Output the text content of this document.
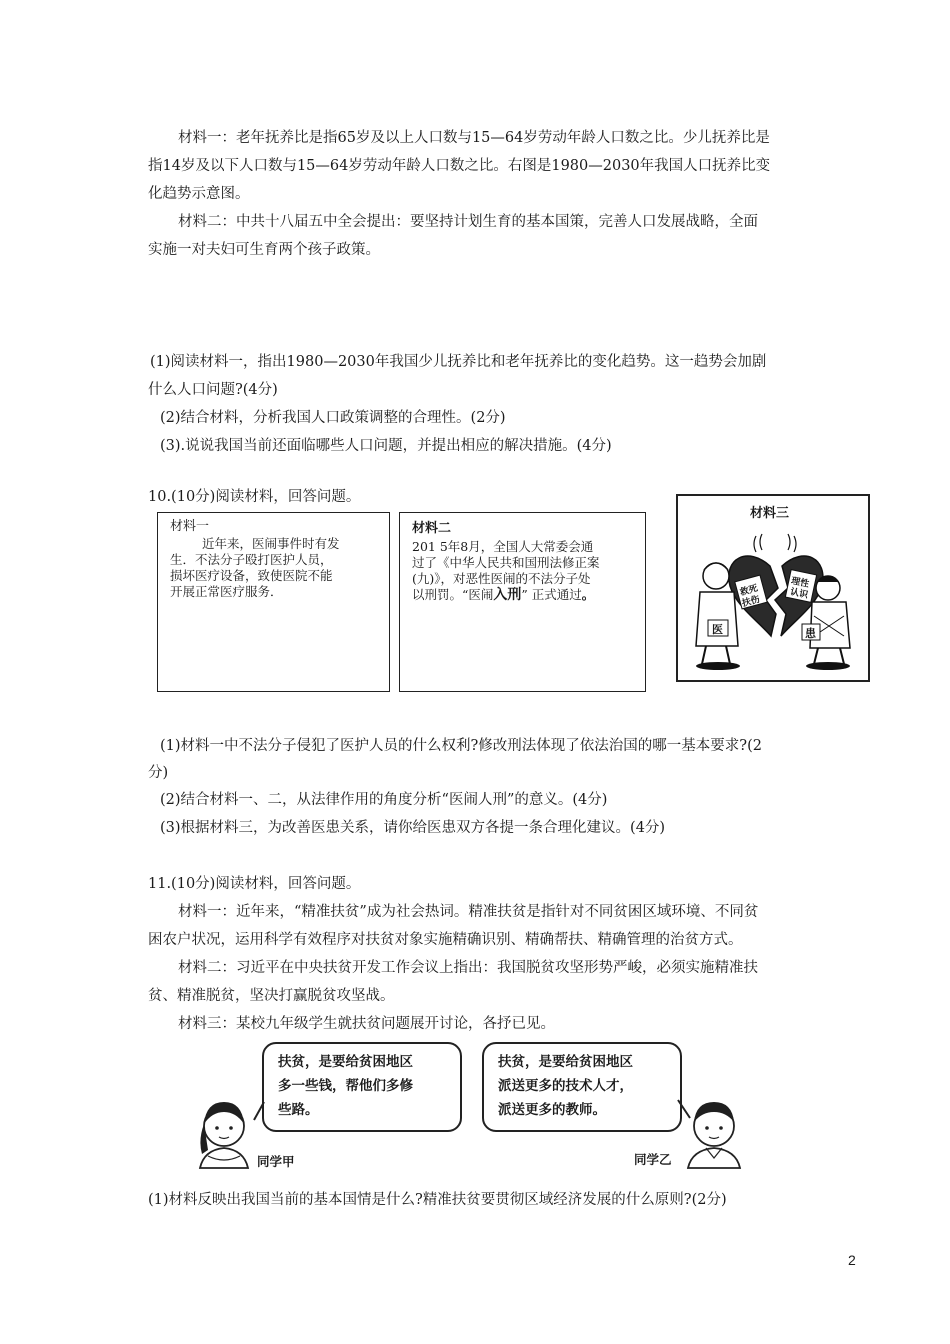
材料一：老年抚养比是指65岁及以上人口数与15—64岁劳动年龄人口数之比。少儿抚养比是
指14岁及以下人口数与15—64岁劳动年龄人口数之比。右图是1980—2030年我国人口抚养比变
化趋势示意图。
材料二：中共十八届五中全会提出：要坚持计划生育的基本国策，完善人口发展战略，全面
实施一对夫妇可生育两个孩子政策。
(1)阅读材料一，指出1980—2030年我国少儿抚养比和老年抚养比的变化趋势。这一趋势会加剧
什么人口问题?(4分)
(2)结合材料，分析我国人口政策调整的合理性。(2分)
(3).说说我国当前还面临哪些人口问题，并提出相应的解决措施。(4分)
10.(10分)阅读材料，回答问题。
材料一
近年来，医闹事件时有发
生．不法分子殴打医护人员，
损坏医疗设备，致使医院不能
开展正常医疗服务．
材料二
201 5年8月，全国人大常委会通
过了《中华人民共和国刑法修正案
(九)》，对恶性医闹的不法分子处
以刑罚。“医闹入刑” 正式通过。
材料三
救死
扶伤
理性
认识
医	患
(1)材料一中不法分子侵犯了医护人员的什么权利?修改刑法体现了依法治国的哪一基本要求?(2
分)
(2)结合材料一、二，从法律作用的角度分析“医闹人刑”的意义。(4分)
(3)根据材料三，为改善医患关系，请你给医患双方各提一条合理化建议。(4分)
11.(10分)阅读材料，回答问题。
材料一：近年来，“精准扶贫”成为社会热词。精准扶贫是指针对不同贫困区域环境、不同贫
困农户状况，运用科学有效程序对扶贫对象实施精确识别、精确帮扶、精确管理的治贫方式。
材料二：习近平在中央扶贫开发工作会议上指出：我国脱贫攻坚形势严峻，必须实施精准扶
贫、精准脱贫，坚决打赢脱贫攻坚战。
材料三：某校九年级学生就扶贫问题展开讨论，各抒已见。
扶贫，是要给贫困地区
多一些钱，帮他们多修
些路。
扶贫，是要给贫困地区
派送更多的技术人才，
派送更多的教师。
同学甲	同学乙
(1)材料反映出我国当前的基本国情是什么?精准扶贫要贯彻区域经济发展的什么原则?(2分)
2
